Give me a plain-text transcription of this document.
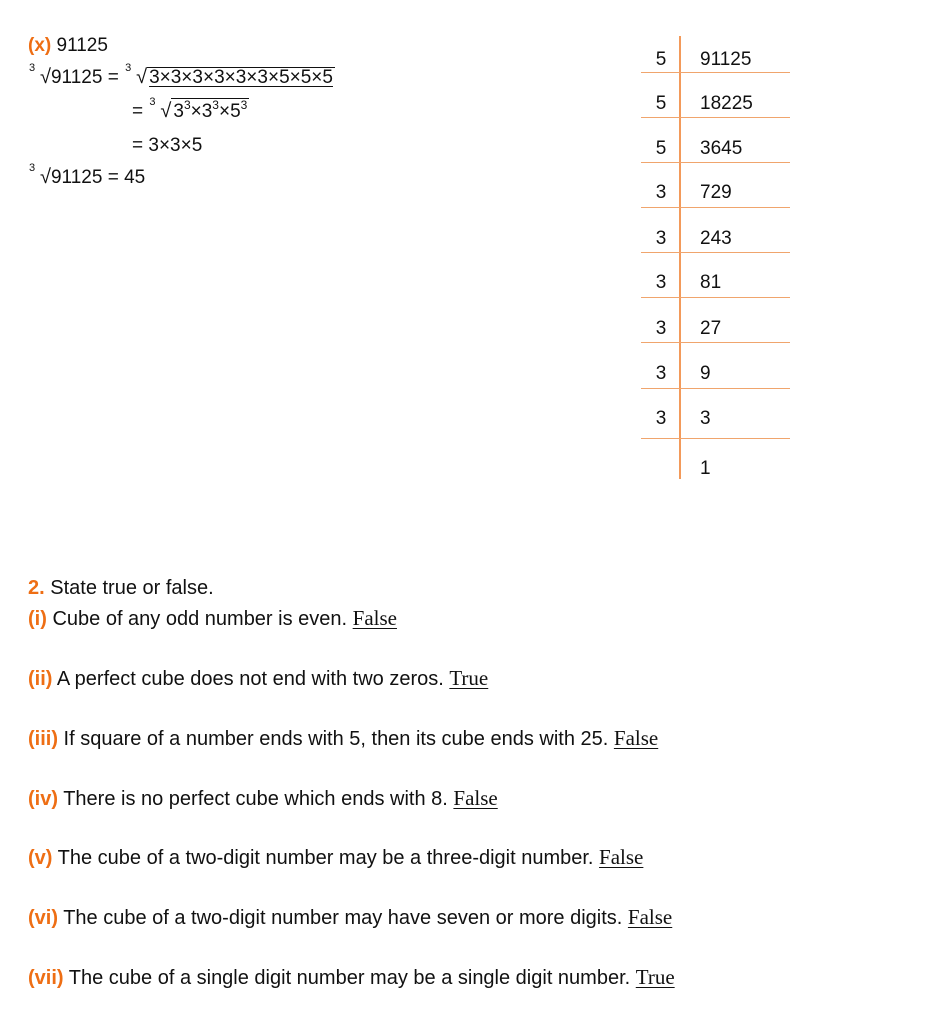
(x) 91125
3 √91125 = 3 √ 3×3×3×3×3×3×5×5×5
= 3 √ $3^3\times 3^3\times 5^3$
= 3×3×5
3 √91125 = 45
5 91125
5 18225
5 3645
3 729
3 243
3 81
3 27
3 9
3 3
1
2. State true or false.
(i) Cube of any odd number is even. False
(ii) A perfect cube does not end with two zeros. True
(iii) If square of a number ends with 5, then its cube ends with 25. False
(iv) There is no perfect cube which ends with 8. False
(v) The cube of a two-digit number may be a three-digit number. False
(vi) The cube of a two-digit number may have seven or more digits. False
(vii) The cube of a single digit number may be a single digit number. True
